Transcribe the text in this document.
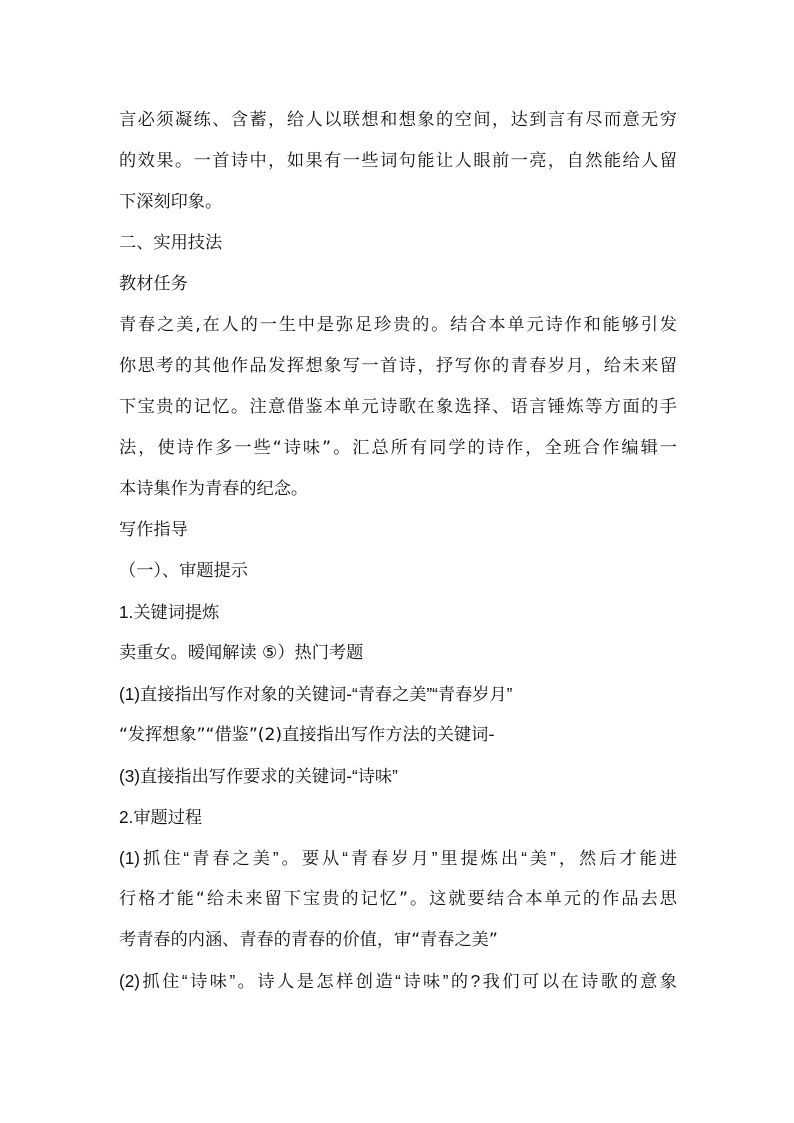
言必须凝练、含蓄，给人以联想和想象的空间，达到言有尽而意无穷
的效果。一首诗中，如果有一些词句能让人眼前一亮，自然能给人留
下深刻印象。
二、实用技法
教材任务
青春之美,在人的一生中是弥足珍贵的。结合本单元诗作和能够引发
你思考的其他作品发挥想象写一首诗，抒写你的青春岁月，给未来留
下宝贵的记忆。注意借鉴本单元诗歌在象选择、语言锤炼等方面的手
法，使诗作多一些“诗味”。汇总所有同学的诗作，全班合作编辑一
本诗集作为青春的纪念。
写作指导
（一）、审题提示
1.关键词提炼
卖重女。暧闻解读 ⑤）热门考题
(1)直接指出写作对象的关键词-“青春之美”“青春岁月”
“发挥想象”“借鉴”(2)直接指出写作方法的关键词-
(3)直接指出写作要求的关键词-“诗味”
2.审题过程
(1)抓住“青春之美”。要从“青春岁月”里提炼出“美”，然后才能进
行格才能“给未来留下宝贵的记忆”。这就要结合本单元的作品去思
考青春的内涵、青春的青春的价值，审“青春之美”
(2)抓住“诗味”。诗人是怎样创造“诗味”的?我们可以在诗歌的意象
